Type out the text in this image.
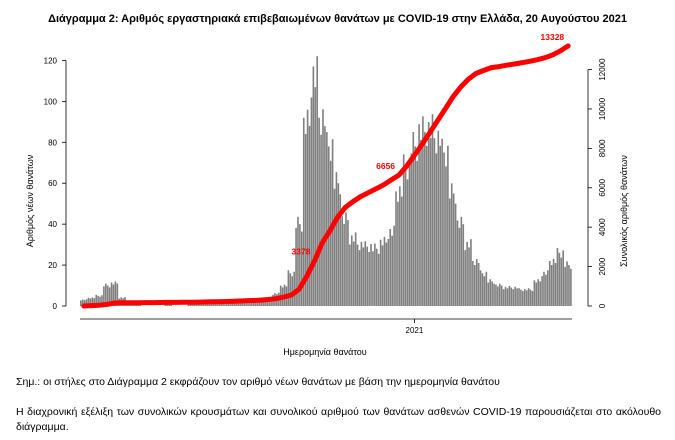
Διάγραμμα 2: Αριθμός εργαστηριακά επιβεβαιωμένων θανάτων με COVID-19 στην Ελλάδα, 20 Αυγούστου 2021
0
20
40
60
80
100
120
0
2000
4000
6000
8000
10000
12000
2021
3378
6656
13328
Αριθμός νέων θανάτων	Συνολικός αριθμός θανάτων
Ημερομηνία θανάτου
Σημ.: οι στήλες στο Διάγραμμα 2 εκφράζουν τον αριθμό νέων θανάτων με βάση την ημερομηνία θανάτου
Η διαχρονική εξέλιξη των συνολικών κρουσμάτων και συνολικού αριθμού των θανάτων ασθενών COVID-19 παρουσιάζεται στο ακόλουθο διάγραμμα.
